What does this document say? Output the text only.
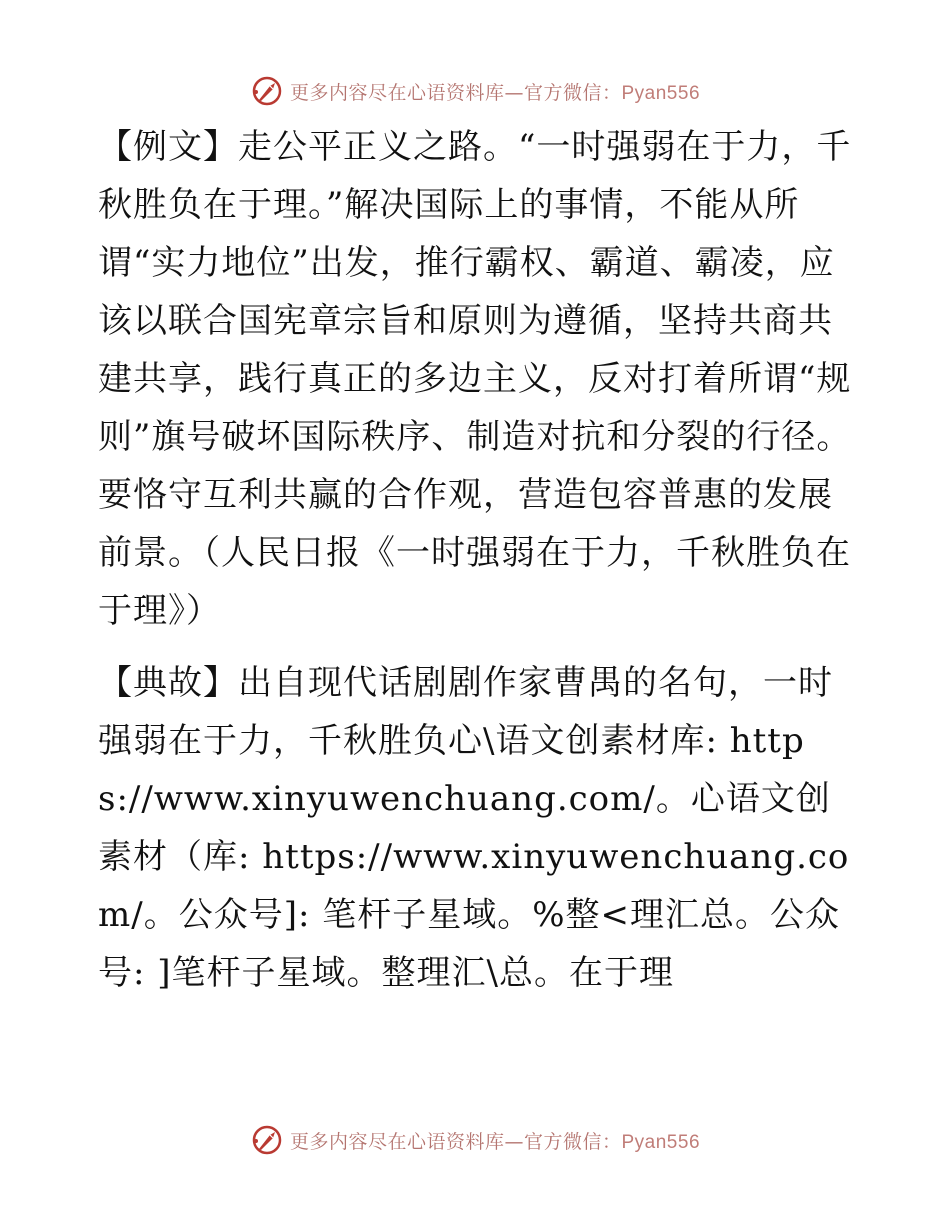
更多内容尽在心语资料库—官方微信：Pyan556

【例文】走公平正义之路。“一时强弱在于力，千秋胜负在于理。”解决国际上的事情，不能从所谓“实力地位”出发，推行霸权、霸道、霸凌，应该以联合国宪章宗旨和原则为遵循，坚持共商共建共享，践行真正的多边主义，反对打着所谓“规则”旗号破坏国际秩序、制造对抗和分裂的行径。要恪守互利共赢的合作观，营造包容普惠的发展前景。（人民日报《一时强弱在于力，千秋胜负在于理》）

【典故】出自现代话剧剧作家曹禺的名句，一时强弱在于力，千秋胜负心\语文创素材库: https://www.xinyuwenchuang.com/。心语文创素材（库: https://www.xinyuwenchuang.com/。公众号]: 笔杆子星域。%整<理汇总。公众号: ]笔杆子星域。整理汇\总。在于理

更多内容尽在心语资料库—官方微信：Pyan556
